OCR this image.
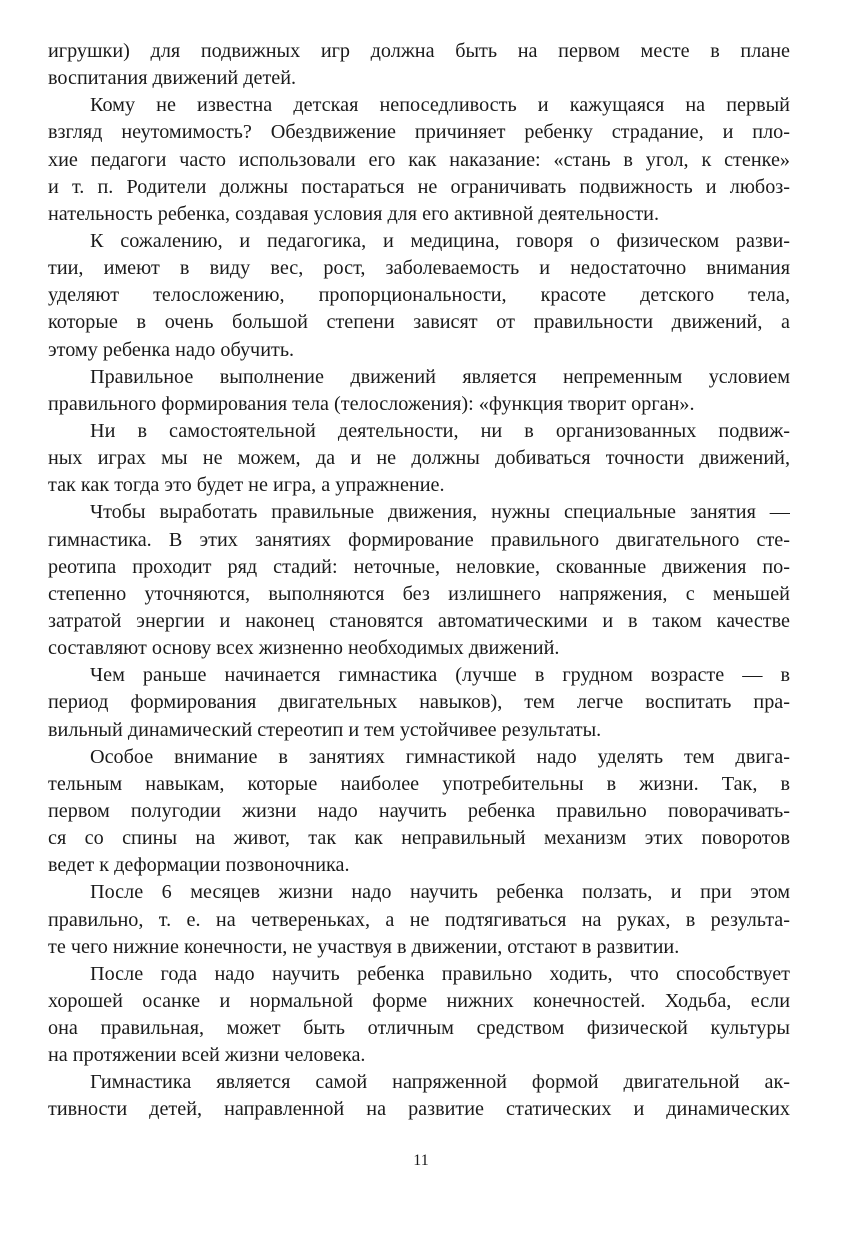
игрушки) для подвижных игр должна быть на первом месте в плане
воспитания движений детей.
Кому не известна детская непоседливость и кажущаяся на первый
взгляд неутомимость? Обездвижение причиняет ребенку страдание, и пло-
хие педагоги часто использовали его как наказание: «стань в угол, к стенке»
и т. п. Родители должны постараться не ограничивать подвижность и любоз-
нательность ребенка, создавая условия для его активной деятельности.
К сожалению, и педагогика, и медицина, говоря о физическом разви-
тии, имеют в виду вес, рост, заболеваемость и недостаточно внимания
уделяют телосложению, пропорциональности, красоте детского тела,
которые в очень большой степени зависят от правильности движений, а
этому ребенка надо обучить.
Правильное выполнение движений является непременным условием
правильного формирования тела (телосложения): «функция творит орган».
Ни в самостоятельной деятельности, ни в организованных подвиж-
ных играх мы не можем, да и не должны добиваться точности движений,
так как тогда это будет не игра, а упражнение.
Чтобы выработать правильные движения, нужны специальные занятия —
гимнастика. В этих занятиях формирование правильного двигательного сте-
реотипа проходит ряд стадий: неточные, неловкие, скованные движения по-
степенно уточняются, выполняются без излишнего напряжения, с меньшей
затратой энергии и наконец становятся автоматическими и в таком качестве
составляют основу всех жизненно необходимых движений.
Чем раньше начинается гимнастика (лучше в грудном возрасте — в
период формирования двигательных навыков), тем легче воспитать пра-
вильный динамический стереотип и тем устойчивее результаты.
Особое внимание в занятиях гимнастикой надо уделять тем двига-
тельным навыкам, которые наиболее употребительны в жизни. Так, в
первом полугодии жизни надо научить ребенка правильно поворачивать-
ся со спины на живот, так как неправильный механизм этих поворотов
ведет к деформации позвоночника.
После 6 месяцев жизни надо научить ребенка ползать, и при этом
правильно, т. е. на четвереньках, а не подтягиваться на руках, в результа-
те чего нижние конечности, не участвуя в движении, отстают в развитии.
После года надо научить ребенка правильно ходить, что способствует
хорошей осанке и нормальной форме нижних конечностей. Ходьба, если
она правильная, может быть отличным средством физической культуры
на протяжении всей жизни человека.
Гимнастика является самой напряженной формой двигательной ак-
тивности детей, направленной на развитие статических и динамических
11
